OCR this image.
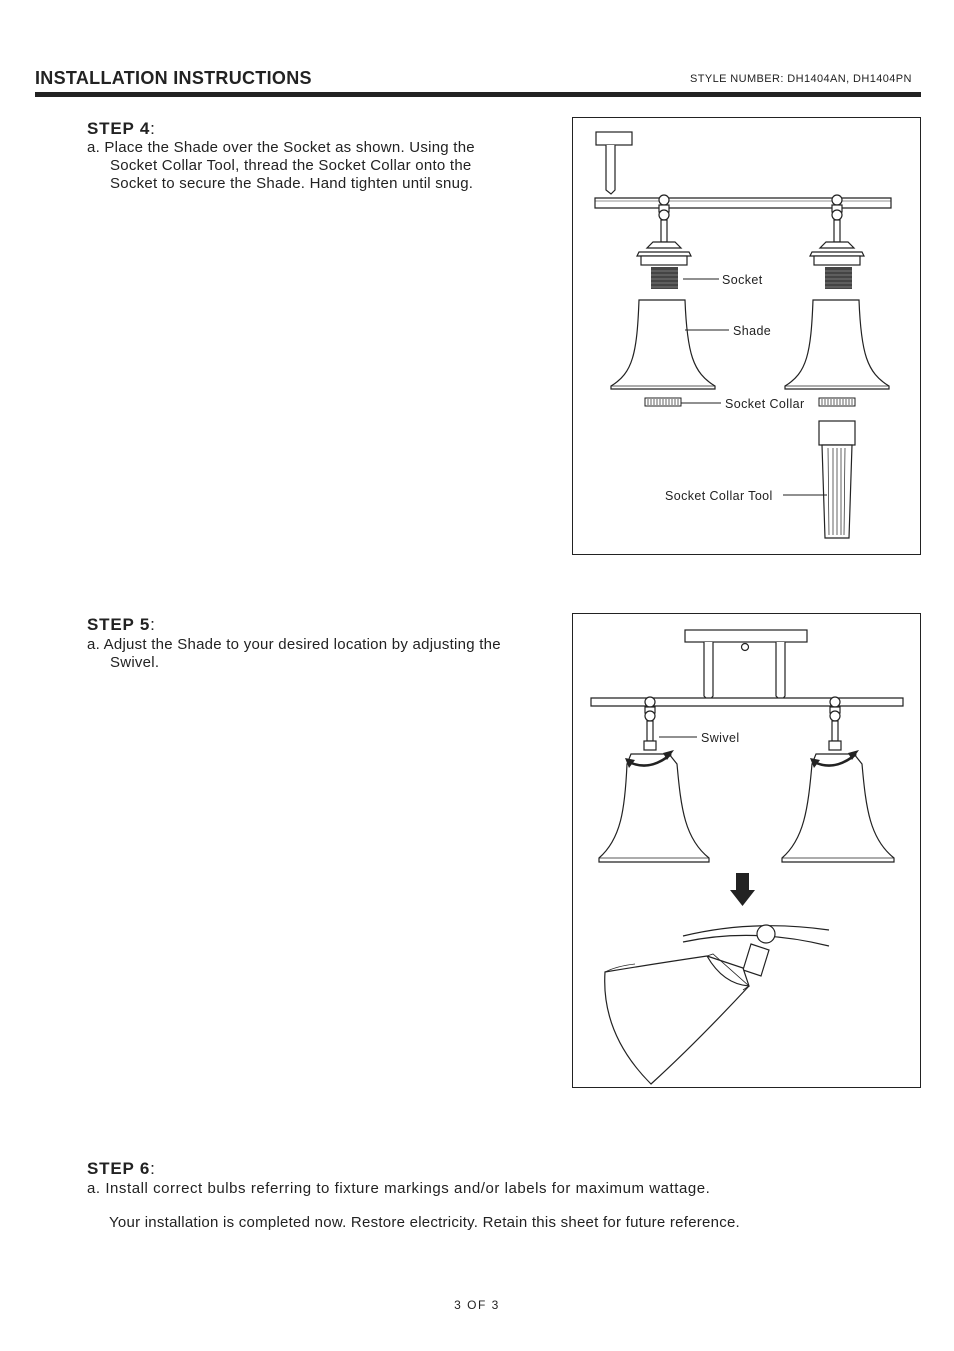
INSTALLATION INSTRUCTIONS	STYLE NUMBER: DH1404AN, DH1404PN
STEP 4:
a. Place the Shade over the Socket as shown. Using the
Socket Collar Tool, thread the Socket Collar onto the
Socket to secure the Shade. Hand tighten until snug.
Socket
Shade
Socket Collar
Socket Collar Tool
STEP 5:
a. Adjust the Shade to your desired location by adjusting the
Swivel.
Swivel
STEP 6:
a. Install correct bulbs referring to fixture markings and/or labels for maximum wattage.
Your installation is completed now. Restore electricity. Retain this sheet for future reference.
3 OF 3
